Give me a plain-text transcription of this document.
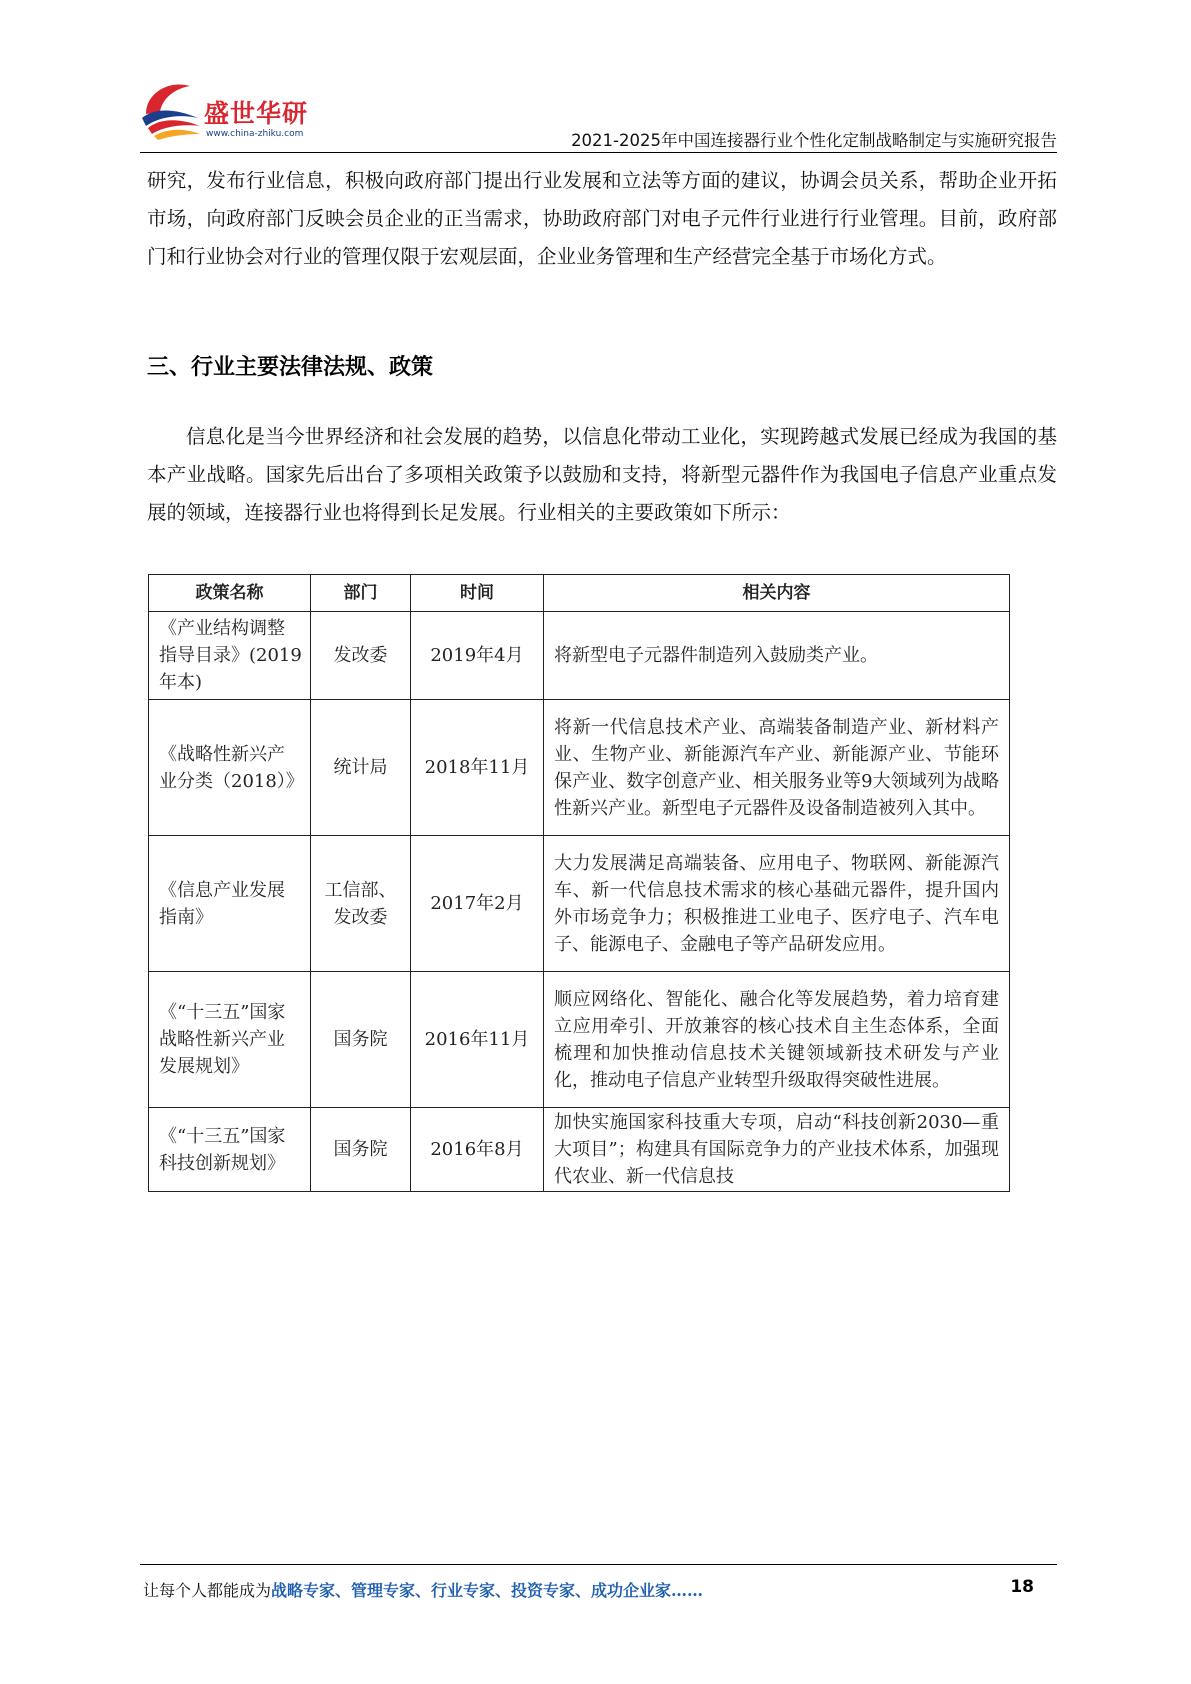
盛世华研
www.china-zhiku.com	2021-2025年中国连接器行业个性化定制战略制定与实施研究报告

研究，发布行业信息，积极向政府部门提出行业发展和立法等方面的建议，协调会员关系，帮助企业开拓市场，向政府部门反映会员企业的正当需求，协助政府部门对电子元件行业进行行业管理。目前，政府部门和行业协会对行业的管理仅限于宏观层面，企业业务管理和生产经营完全基于市场化方式。

三、行业主要法律法规、政策

信息化是当今世界经济和社会发展的趋势，以信息化带动工业化，实现跨越式发展已经成为我国的基本产业战略。国家先后出台了多项相关政策予以鼓励和支持，将新型元器件作为我国电子信息产业重点发展的领域，连接器行业也将得到长足发展。行业相关的主要政策如下所示：

政策名称	部门	时间	相关内容
《产业结构调整指导目录》(2019年本)	发改委	2019年4月	将新型电子元器件制造列入鼓励类产业。
《战略性新兴产业分类（2018）》	统计局	2018年11月	将新一代信息技术产业、高端装备制造产业、新材料产业、生物产业、新能源汽车产业、新能源产业、节能环保产业、数字创意产业、相关服务业等9大领域列为战略性新兴产业。新型电子元器件及设备制造被列入其中。
《信息产业发展指南》	工信部、发改委	2017年2月	大力发展满足高端装备、应用电子、物联网、新能源汽车、新一代信息技术需求的核心基础元器件，提升国内外市场竞争力；积极推进工业电子、医疗电子、汽车电子、能源电子、金融电子等产品研发应用。
《“十三五”国家战略性新兴产业发展规划》	国务院	2016年11月	顺应网络化、智能化、融合化等发展趋势，着力培育建立应用牵引、开放兼容的核心技术自主生态体系，全面梳理和加快推动信息技术关键领域新技术研发与产业化，推动电子信息产业转型升级取得突破性进展。
《“十三五”国家科技创新规划》	国务院	2016年8月	加快实施国家科技重大专项，启动“科技创新2030—重大项目”；构建具有国际竞争力的产业技术体系，加强现代农业、新一代信息技
让每个人都能成为战略专家、管理专家、行业专家、投资专家、成功企业家……	18
